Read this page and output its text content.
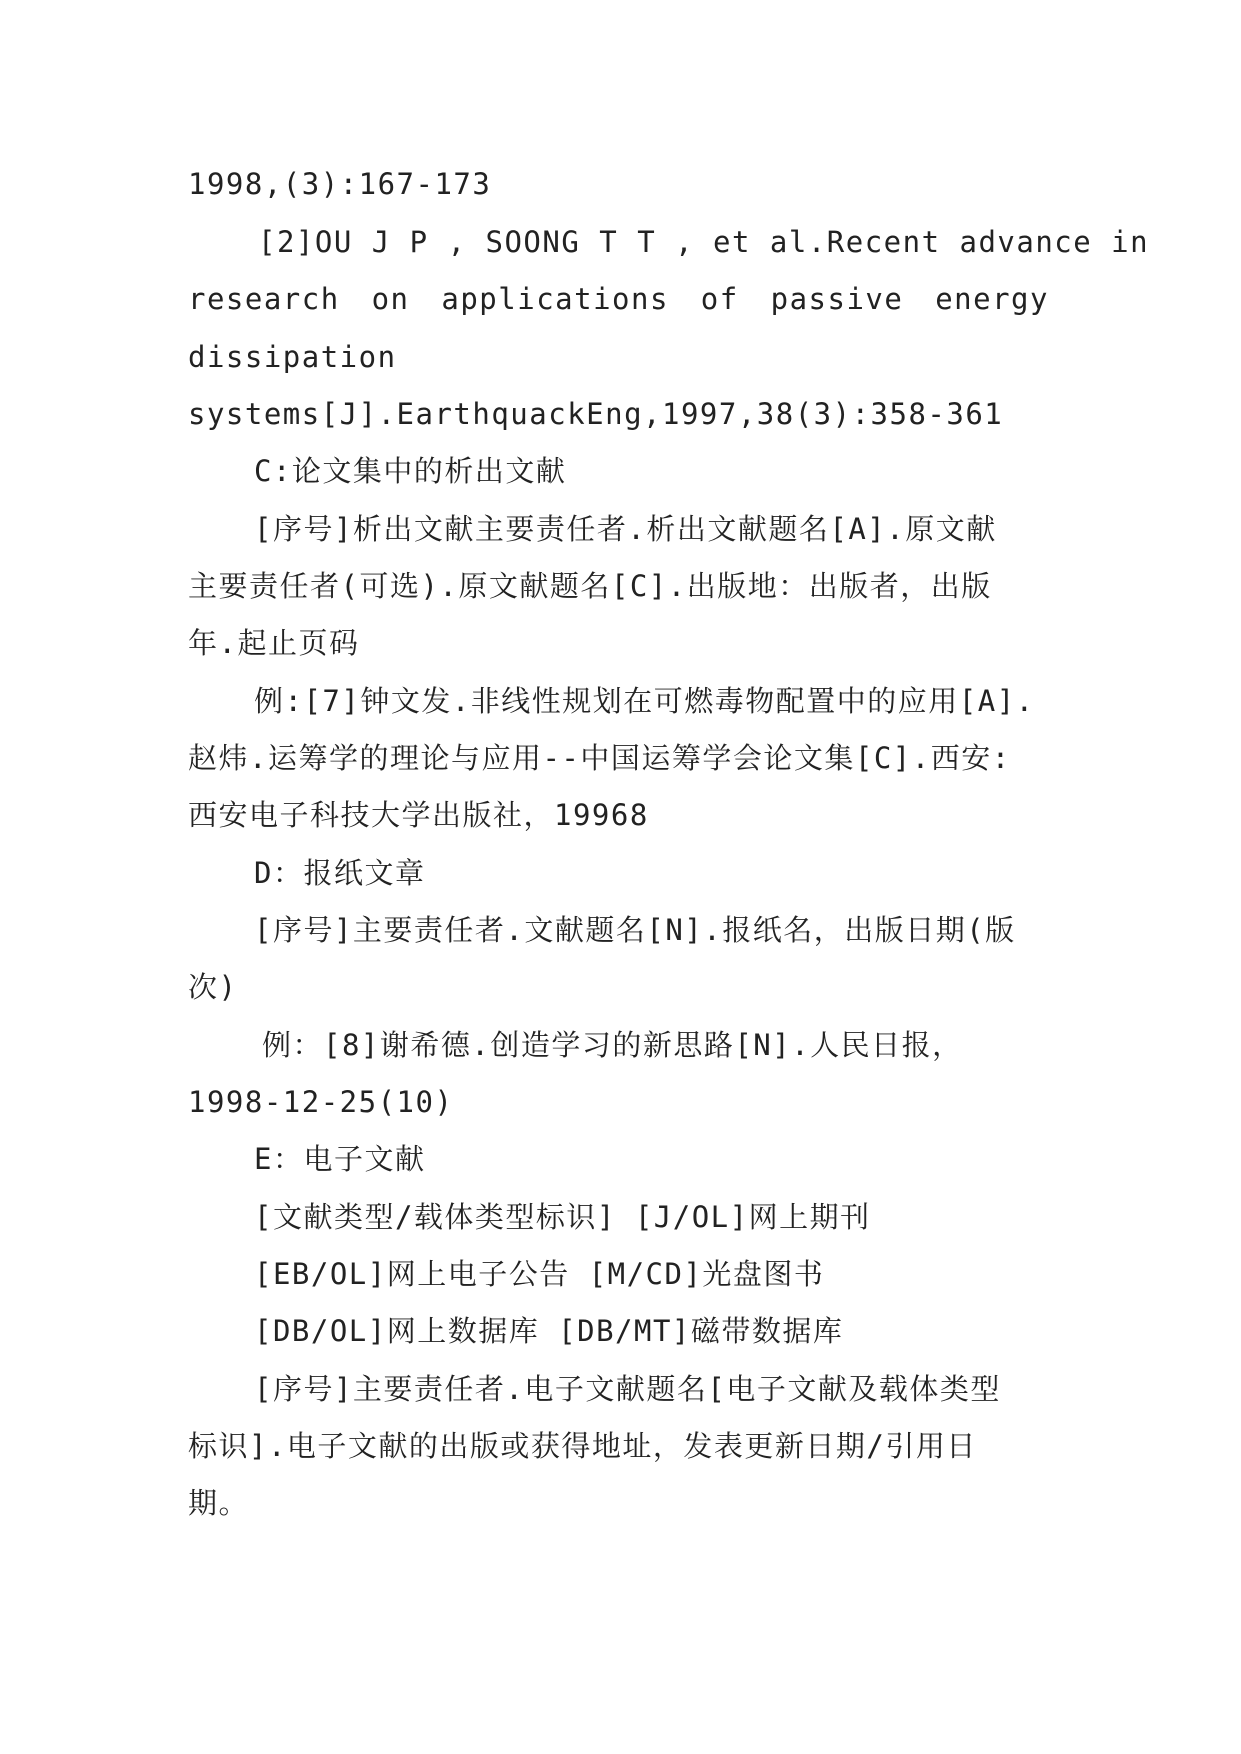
1998,(3):167-173
[2]OU J P , SOONG T T , et al.Recent advance in
research on applications of passive energy
dissipation
systems[J].EarthquackEng,1997,38(3):358-361
C:论文集中的析出文献
[序号]析出文献主要责任者.析出文献题名[A].原文献
主要责任者(可选).原文献题名[C].出版地：出版者，出版
年.起止页码
例:[7]钟文发.非线性规划在可燃毒物配置中的应用[A].
赵炜.运筹学的理论与应用--中国运筹学会论文集[C].西安:
西安电子科技大学出版社，19968
D：报纸文章
[序号]主要责任者.文献题名[N].报纸名，出版日期(版
次)
例：[8]谢希德.创造学习的新思路[N].人民日报，
1998-12-25(10)
E：电子文献
[文献类型/载体类型标识] [J/OL]网上期刊
[EB/OL]网上电子公告 [M/CD]光盘图书
[DB/OL]网上数据库 [DB/MT]磁带数据库
[序号]主要责任者.电子文献题名[电子文献及载体类型
标识].电子文献的出版或获得地址，发表更新日期/引用日
期。
